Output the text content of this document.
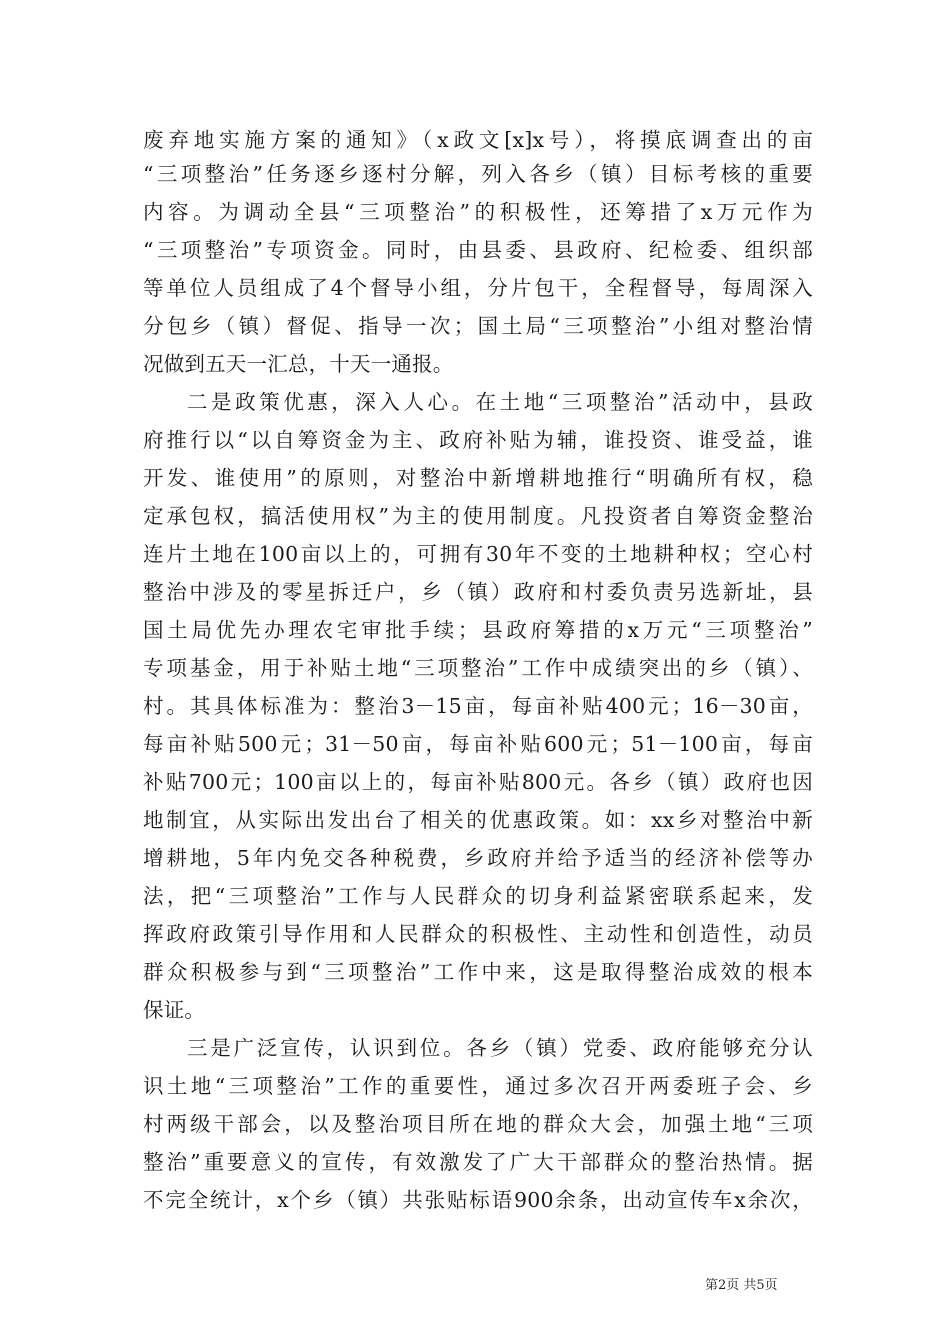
废弃地实施方案的通知》（x政文[x]x号），将摸底调查出的亩
“三项整治”任务逐乡逐村分解，列入各乡（镇）目标考核的重要
内容。为调动全县“三项整治”的积极性，还筹措了x万元作为
“三项整治”专项资金。同时，由县委、县政府、纪检委、组织部
等单位人员组成了4个督导小组，分片包干，全程督导，每周深入
分包乡（镇）督促、指导一次；国土局“三项整治”小组对整治情
况做到五天一汇总，十天一通报。
二是政策优惠，深入人心。在土地“三项整治”活动中，县政
府推行以“以自筹资金为主、政府补贴为辅，谁投资、谁受益，谁
开发、谁使用”的原则，对整治中新增耕地推行“明确所有权，稳
定承包权，搞活使用权”为主的使用制度。凡投资者自筹资金整治
连片土地在100亩以上的，可拥有30年不变的土地耕种权；空心村
整治中涉及的零星拆迁户，乡（镇）政府和村委负责另选新址，县
国土局优先办理农宅审批手续；县政府筹措的x万元“三项整治”
专项基金，用于补贴土地“三项整治”工作中成绩突出的乡（镇）、
村。其具体标准为：整治3－15亩，每亩补贴400元；16－30亩，
每亩补贴500元；31－50亩，每亩补贴600元；51－100亩，每亩
补贴700元；100亩以上的，每亩补贴800元。各乡（镇）政府也因
地制宜，从实际出发出台了相关的优惠政策。如：xx乡对整治中新
增耕地，5年内免交各种税费，乡政府并给予适当的经济补偿等办
法，把“三项整治”工作与人民群众的切身利益紧密联系起来，发
挥政府政策引导作用和人民群众的积极性、主动性和创造性，动员
群众积极参与到“三项整治”工作中来，这是取得整治成效的根本
保证。
三是广泛宣传，认识到位。各乡（镇）党委、政府能够充分认
识土地“三项整治”工作的重要性，通过多次召开两委班子会、乡
村两级干部会，以及整治项目所在地的群众大会，加强土地“三项
整治”重要意义的宣传，有效激发了广大干部群众的整治热情。据
不完全统计，x个乡（镇）共张贴标语900余条，出动宣传车x余次，
第2页 共5页
